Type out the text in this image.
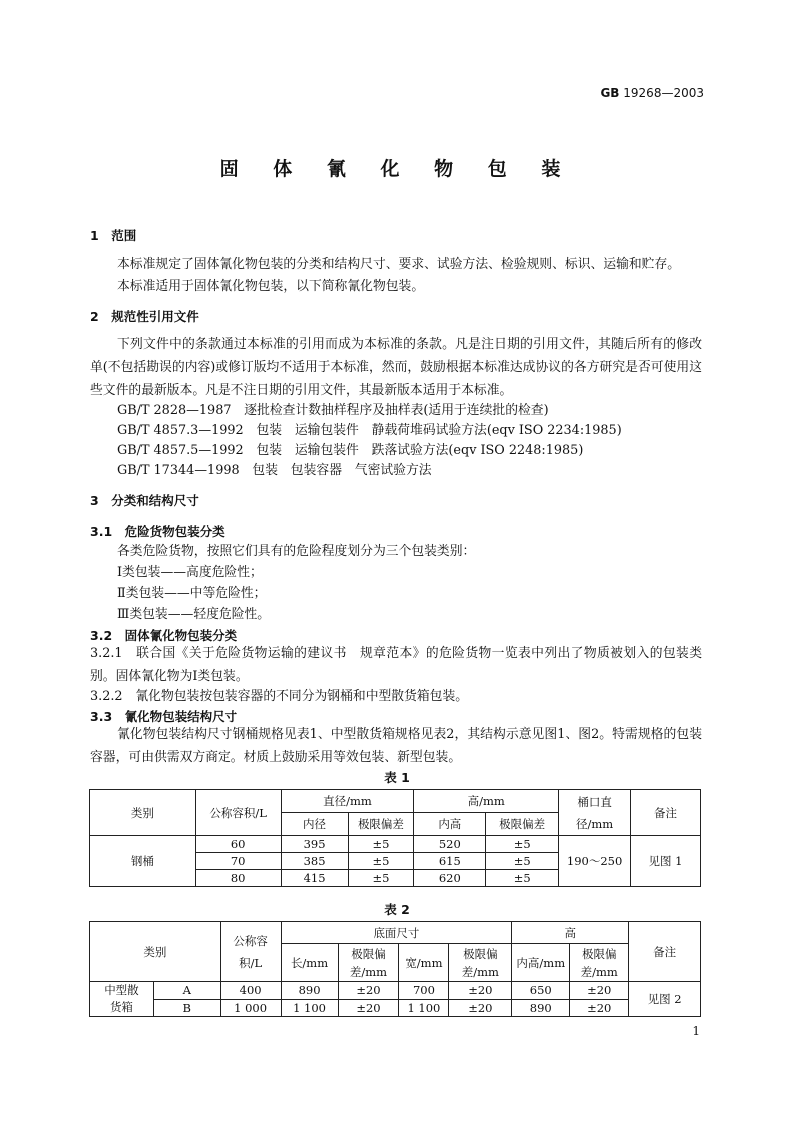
GB 19268—2003
固 体 氰 化 物 包 装
1　范围
本标准规定了固体氰化物包装的分类和结构尺寸、要求、试验方法、检验规则、标识、运输和贮存。
本标准适用于固体氰化物包装，以下简称氰化物包装。
2　规范性引用文件
下列文件中的条款通过本标准的引用而成为本标准的条款。凡是注日期的引用文件，其随后所有的修改单(不包括勘误的内容)或修订版均不适用于本标准，然而，鼓励根据本标准达成协议的各方研究是否可使用这些文件的最新版本。凡是不注日期的引用文件，其最新版本适用于本标准。
GB/T 2828—1987　逐批检查计数抽样程序及抽样表(适用于连续批的检查)
GB/T 4857.3—1992　包装　运输包装件　静载荷堆码试验方法(eqv ISO 2234:1985)
GB/T 4857.5—1992　包装　运输包装件　跌落试验方法(eqv ISO 2248:1985)
GB/T 17344—1998　包装　包装容器　气密试验方法
3　分类和结构尺寸
3.1　危险货物包装分类
各类危险货物，按照它们具有的危险程度划分为三个包装类别：
Ⅰ类包装——高度危险性；
Ⅱ类包装——中等危险性；
Ⅲ类包装——轻度危险性。
3.2　固体氰化物包装分类
3.2.1　联合国《关于危险货物运输的建议书　规章范本》的危险货物一览表中列出了物质被划入的包装类别。固体氰化物为Ⅰ类包装。
3.2.2　氰化物包装按包装容器的不同分为钢桶和中型散货箱包装。
3.3　氰化物包装结构尺寸
氰化物包装结构尺寸钢桶规格见表1、中型散货箱规格见表2，其结构示意见图1、图2。特需规格的包装容器，可由供需双方商定。材质上鼓励采用等效包装、新型包装。
表 1
类别	公称容积/L	直径/mm		高/mm		桶口直径/mm	备注
		内径	极限偏差	内高	极限偏差		
钢桶	60	395	±5	520	±5	190～250	见图 1
	70	385	±5	615	±5		
	80	415	±5	620	±5		
表 2
类别		公称容积/L	底面尺寸				高		备注
			长/mm	极限偏差/mm	宽/mm	极限偏差/mm	内高/mm	极限偏差/mm	
中型散货箱	A	400	890	±20	700	±20	650	±20	见图 2
	B	1 000	1 100	±20	1 100	±20	890	±20	
1
